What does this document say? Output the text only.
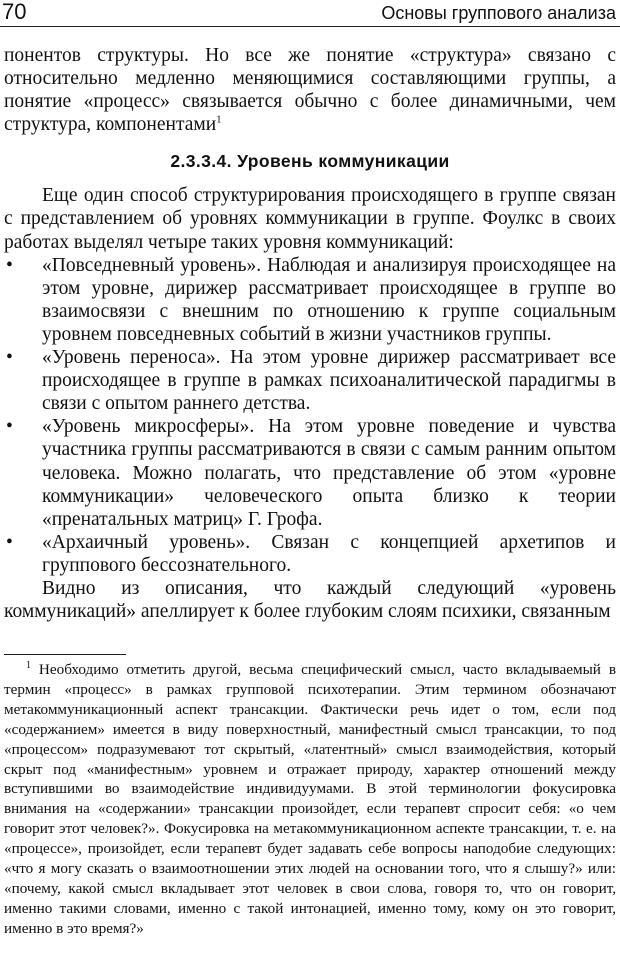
70	Основы группового анализа

понентов структуры. Но все же понятие «структура» связано с относительно медленно меняющимися составляющими группы, а понятие «процесс» связывается обычно с более динамичными, чем структура, компонентами$^1$

2.3.3.4. Уровень коммуникации

Еще один способ структурирования происходящего в группе связан с представлением об уровнях коммуникации в группе. Фоулкс в своих работах выделял четыре таких уровня коммуникаций:

• «Повседневный уровень». Наблюдая и анализируя происходящее на этом уровне, дирижер рассматривает происходящее в группе во взаимосвязи с внешним по отношению к группе социальным уровнем повседневных событий в жизни участников группы.
• «Уровень переноса». На этом уровне дирижер рассматривает все происходящее в группе в рамках психоаналитической парадигмы в связи с опытом раннего детства.
• «Уровень микросферы». На этом уровне поведение и чувства участника группы рассматриваются в связи с самым ранним опытом человека. Можно полагать, что представление об этом «уровне коммуникации» человеческого опыта близко к теории «пренатальных матриц» Г. Грофа.
• «Архаичный уровень». Связан с концепцией архетипов и группового бессознательного.

Видно из описания, что каждый следующий «уровень коммуникаций» апеллирует к более глубоким слоям психики, связанным

$^1$ Необходимо отметить другой, весьма специфический смысл, часто вкладываемый в термин «процесс» в рамках групповой психотерапии. Этим термином обозначают метакоммуникационный аспект трансакции. Фактически речь идет о том, если под «содержанием» имеется в виду поверхностный, манифестный смысл трансакции, то под «процессом» подразумевают тот скрытый, «латентный» смысл взаимодействия, который скрыт под «манифестным» уровнем и отражает природу, характер отношений между вступившими во взаимодействие индивидуумами. В этой терминологии фокусировка внимания на «содержании» трансакции произойдет, если терапевт спросит себя: «о чем говорит этот человек?». Фокусировка на метакоммуникационном аспекте трансакции, т. е. на «процессе», произойдет, если терапевт будет задавать себе вопросы наподобие следующих: «что я могу сказать о взаимоотношении этих людей на основании того, что я слышу?» или: «почему, какой смысл вкладывает этот человек в свои слова, говоря то, что он говорит, именно такими словами, именно с такой интонацией, именно тому, кому он это говорит, именно в это время?»
